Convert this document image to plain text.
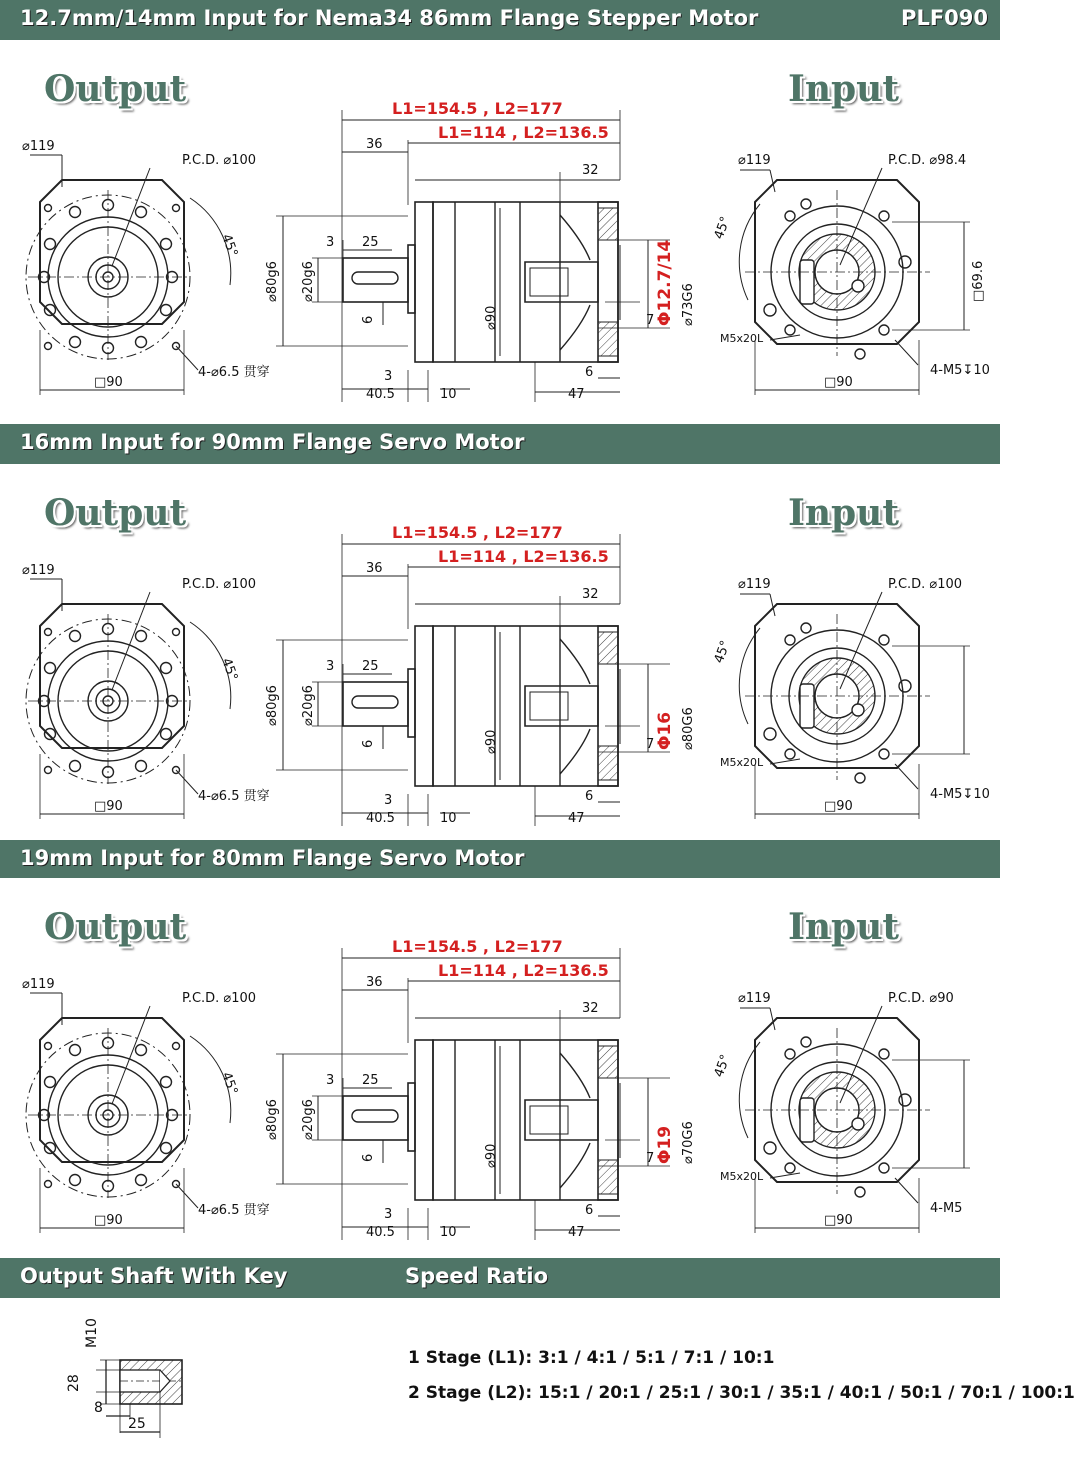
12.7mm/14mm Input for Nema34 86mm Flange Stepper Motor	PLF090
16mm Input for 90mm Flange Servo Motor
19mm Input for 80mm Flange Servo Motor
Output Shaft With Key	Speed Ratio
Output	Input
⌀119
P.C.D. ⌀100
45°
4-⌀6.5 贯穿
□90
36
32
3 25
⌀80g6 ⌀20g6
6	⌀90	⌀73G6
7
3	6
40.5	10	47
⌀119	P.C.D. ⌀98.4
45°
□69.6
M5x20L
4-M5↧10
□90
L1=154.5 , L2=177
L1=114 , L2=136.5
Φ12.7/14
Output	Input
⌀119
P.C.D. ⌀100
45°
4-⌀6.5 贯穿
□90
36
32
3 25
⌀80g6 ⌀20g6
6	⌀90	⌀80G6
7
3	6
40.5	10	47
⌀119	P.C.D. ⌀100
45°
M5x20L
4-M5↧10
□90
L1=154.5 , L2=177
L1=114 , L2=136.5
Φ16
Output	Input
⌀119
P.C.D. ⌀100
45°
4-⌀6.5 贯穿
□90
36
32
3 25
⌀80g6 ⌀20g6
6	⌀90	⌀70G6
7
3	6
40.5	10	47
⌀119	P.C.D. ⌀90
45°
M5x20L
4-M5
□90
L1=154.5 , L2=177
L1=114 , L2=136.5
Φ19
M10
28
8
25
1 Stage (L1): 3:1 / 4:1 / 5:1 / 7:1 / 10:1
2 Stage (L2): 15:1 / 20:1 / 25:1 / 30:1 / 35:1 / 40:1 / 50:1 / 70:1 / 100:1
